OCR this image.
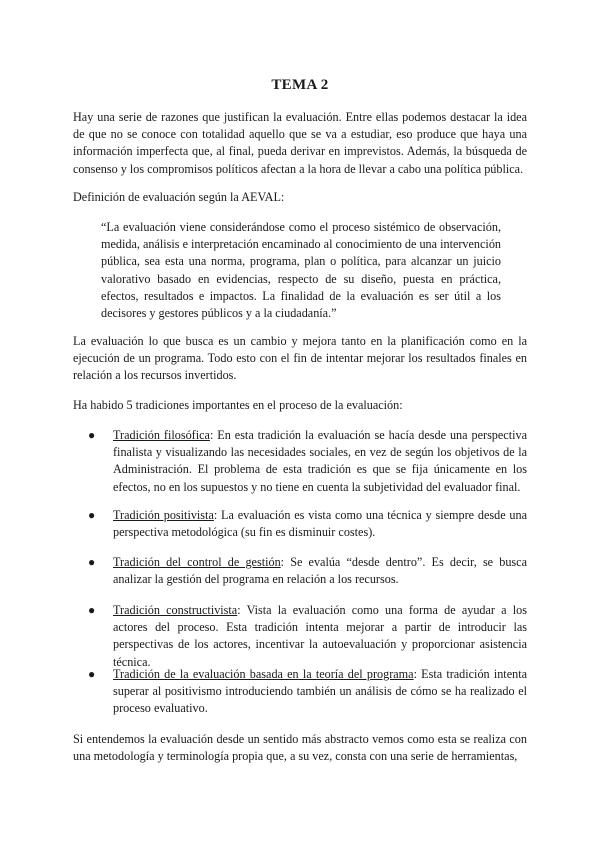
TEMA 2

Hay una serie de razones que justifican la evaluación. Entre ellas podemos destacar la idea de que no se conoce con totalidad aquello que se va a estudiar, eso produce que haya una información imperfecta que, al final, pueda derivar en imprevistos. Además, la búsqueda de consenso y los compromisos políticos afectan a la hora de llevar a cabo una política pública.

Definición de evaluación según la AEVAL:

“La evaluación viene considerándose como el proceso sistémico de observación, medida, análisis e interpretación encaminado al conocimiento de una intervención pública, sea esta una norma, programa, plan o política, para alcanzar un juicio valorativo basado en evidencias, respecto de su diseño, puesta en práctica, efectos, resultados e impactos. La finalidad de la evaluación es ser útil a los decisores y gestores públicos y a la ciudadanía.”

La evaluación lo que busca es un cambio y mejora tanto en la planificación como en la ejecución de un programa. Todo esto con el fin de intentar mejorar los resultados finales en relación a los recursos invertidos.

Ha habido 5 tradiciones importantes en el proceso de la evaluación:

● Tradición filosófica: En esta tradición la evaluación se hacía desde una perspectiva finalista y visualizando las necesidades sociales, en vez de según los objetivos de la Administración. El problema de esta tradición es que se fija únicamente en los efectos, no en los supuestos y no tiene en cuenta la subjetividad del evaluador final.
● Tradición positivista: La evaluación es vista como una técnica y siempre desde una perspectiva metodológica (su fin es disminuir costes).
● Tradición del control de gestión: Se evalúa “desde dentro”. Es decir, se busca analizar la gestión del programa en relación a los recursos.
● Tradición constructivista: Vista la evaluación como una forma de ayudar a los actores del proceso. Esta tradición intenta mejorar a partir de introducir las perspectivas de los actores, incentivar la autoevaluación y proporcionar asistencia técnica.
● Tradición de la evaluación basada en la teoría del programa: Esta tradición intenta superar al positivismo introduciendo también un análisis de cómo se ha realizado el proceso evaluativo.

Si entendemos la evaluación desde un sentido más abstracto vemos como esta se realiza con una metodología y terminología propia que, a su vez, consta con una serie de herramientas,
